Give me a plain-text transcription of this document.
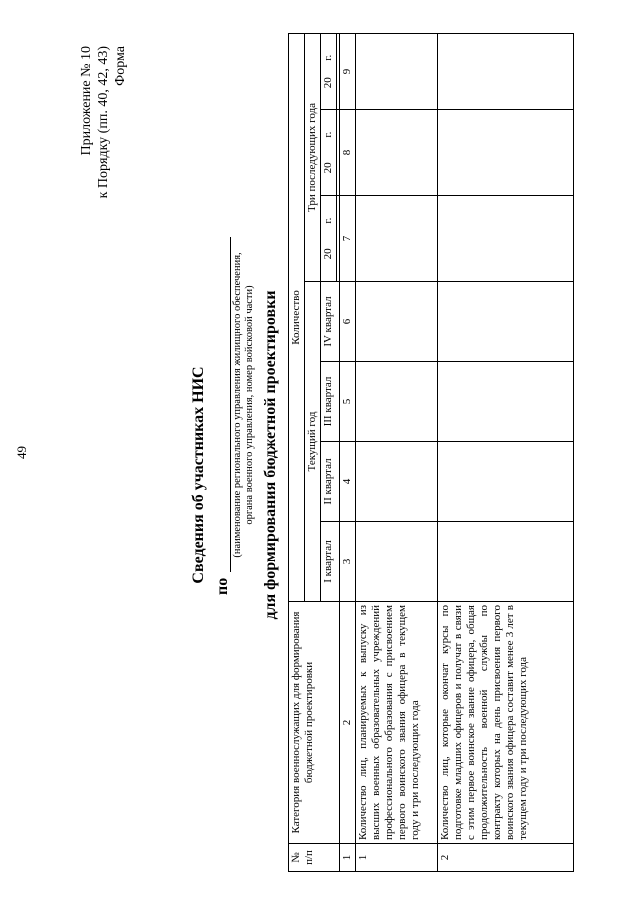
49
Приложение № 10 к Порядку (пп. 40, 42, 43) Форма
Сведения об участниках НИС
по
(наименование регионального управления жилищного обеспечения, органа военного управления, номер войсковой части) для формирования бюджетной проектировки
№ п/п	Категория военнослужащих для формирования бюджетной проектировки	Количество						
		Текущий год				Три последующих года		
		I квартал	II квартал	III квартал	IV квартал	20         г.	20         г.	20      г.

1	2	3	4	5	6	7	8	9
1	Количество лиц, планируемых к выпуску из высших военных образовательных учреждений профессионального образования с присвоением первого воинского звания офицера в текущем году и три последующих года							
2	Количество лиц, которые окончат курсы по подготовке младших офицеров и получат в связи с этим первое воинское звание офицера, общая продолжительность военной службы по контракту которых на день присвоения первого воинского звания офицера составит менее 3 лет в текущем году и три последующих года							
